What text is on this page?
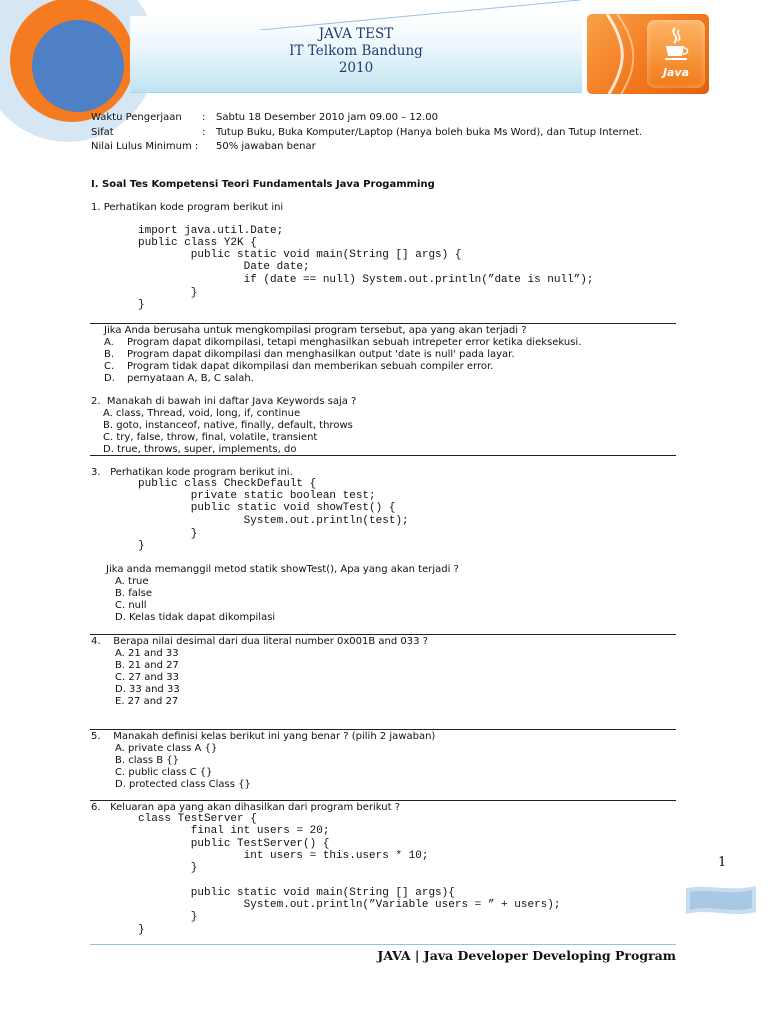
JAVA TEST
IT Telkom Bandung
2010	Java
Waktu Pengerjaan : Sabtu 18 Desember 2010 jam 09.00 – 12.00
Sifat	: Tutup Buku, Buka Komputer/Laptop (Hanya boleh buka Ms Word), dan Tutup Internet.
Nilai Lulus Minimum : 50% jawaban benar
I. Soal Tes Kompetensi Teori Fundamentals Java Progamming
1. Perhatikan kode program berikut ini
import java.util.Date;
public class Y2K {
public static void main(String [] args) {
Date date;
if (date == null) System.out.println(”date is null”);
}
}
Jika Anda berusaha untuk mengkompilasi program tersebut, apa yang akan terjadi ?
A. Program dapat dikompilasi, tetapi menghasilkan sebuah intrepeter error ketika dieksekusi.
B. Program dapat dikompilasi dan menghasilkan output 'date is null' pada layar.
C. Program tidak dapat dikompilasi dan memberikan sebuah compiler error.
D. pernyataan A, B, C salah.
2.  Manakah di bawah ini daftar Java Keywords saja ?
A. class, Thread, void, long, if, continue
B. goto, instanceof, native, finally, default, throws
C. try, false, throw, final, volatile, transient
D. true, throws, super, implements, do
3.   Perhatikan kode program berikut ini.
public class CheckDefault {
private static boolean test;
public static void showTest() {
System.out.println(test);
}
}
Jika anda memanggil metod statik showTest(), Apa yang akan terjadi ?
A. true
B. false
C. null
D. Kelas tidak dapat dikompilasi
4.    Berapa nilai desimal dari dua literal number 0x001B and 033 ?
A. 21 and 33
B. 21 and 27
C. 27 and 33
D. 33 and 33
E. 27 and 27
5.    Manakah definisi kelas berikut ini yang benar ? (pilih 2 jawaban)
A. private class A {}
B. class B {}
C. public class C {}
D. protected class Class {}
6.   Keluaran apa yang akan dihasilkan dari program berikut ?
class TestServer {
final int users = 20;
public TestServer() {
int users = this.users * 10;
}
public static void main(String [] args){
System.out.println(”Variable users = ” + users);
}
}
1
JAVA | Java Developer Developing Program
